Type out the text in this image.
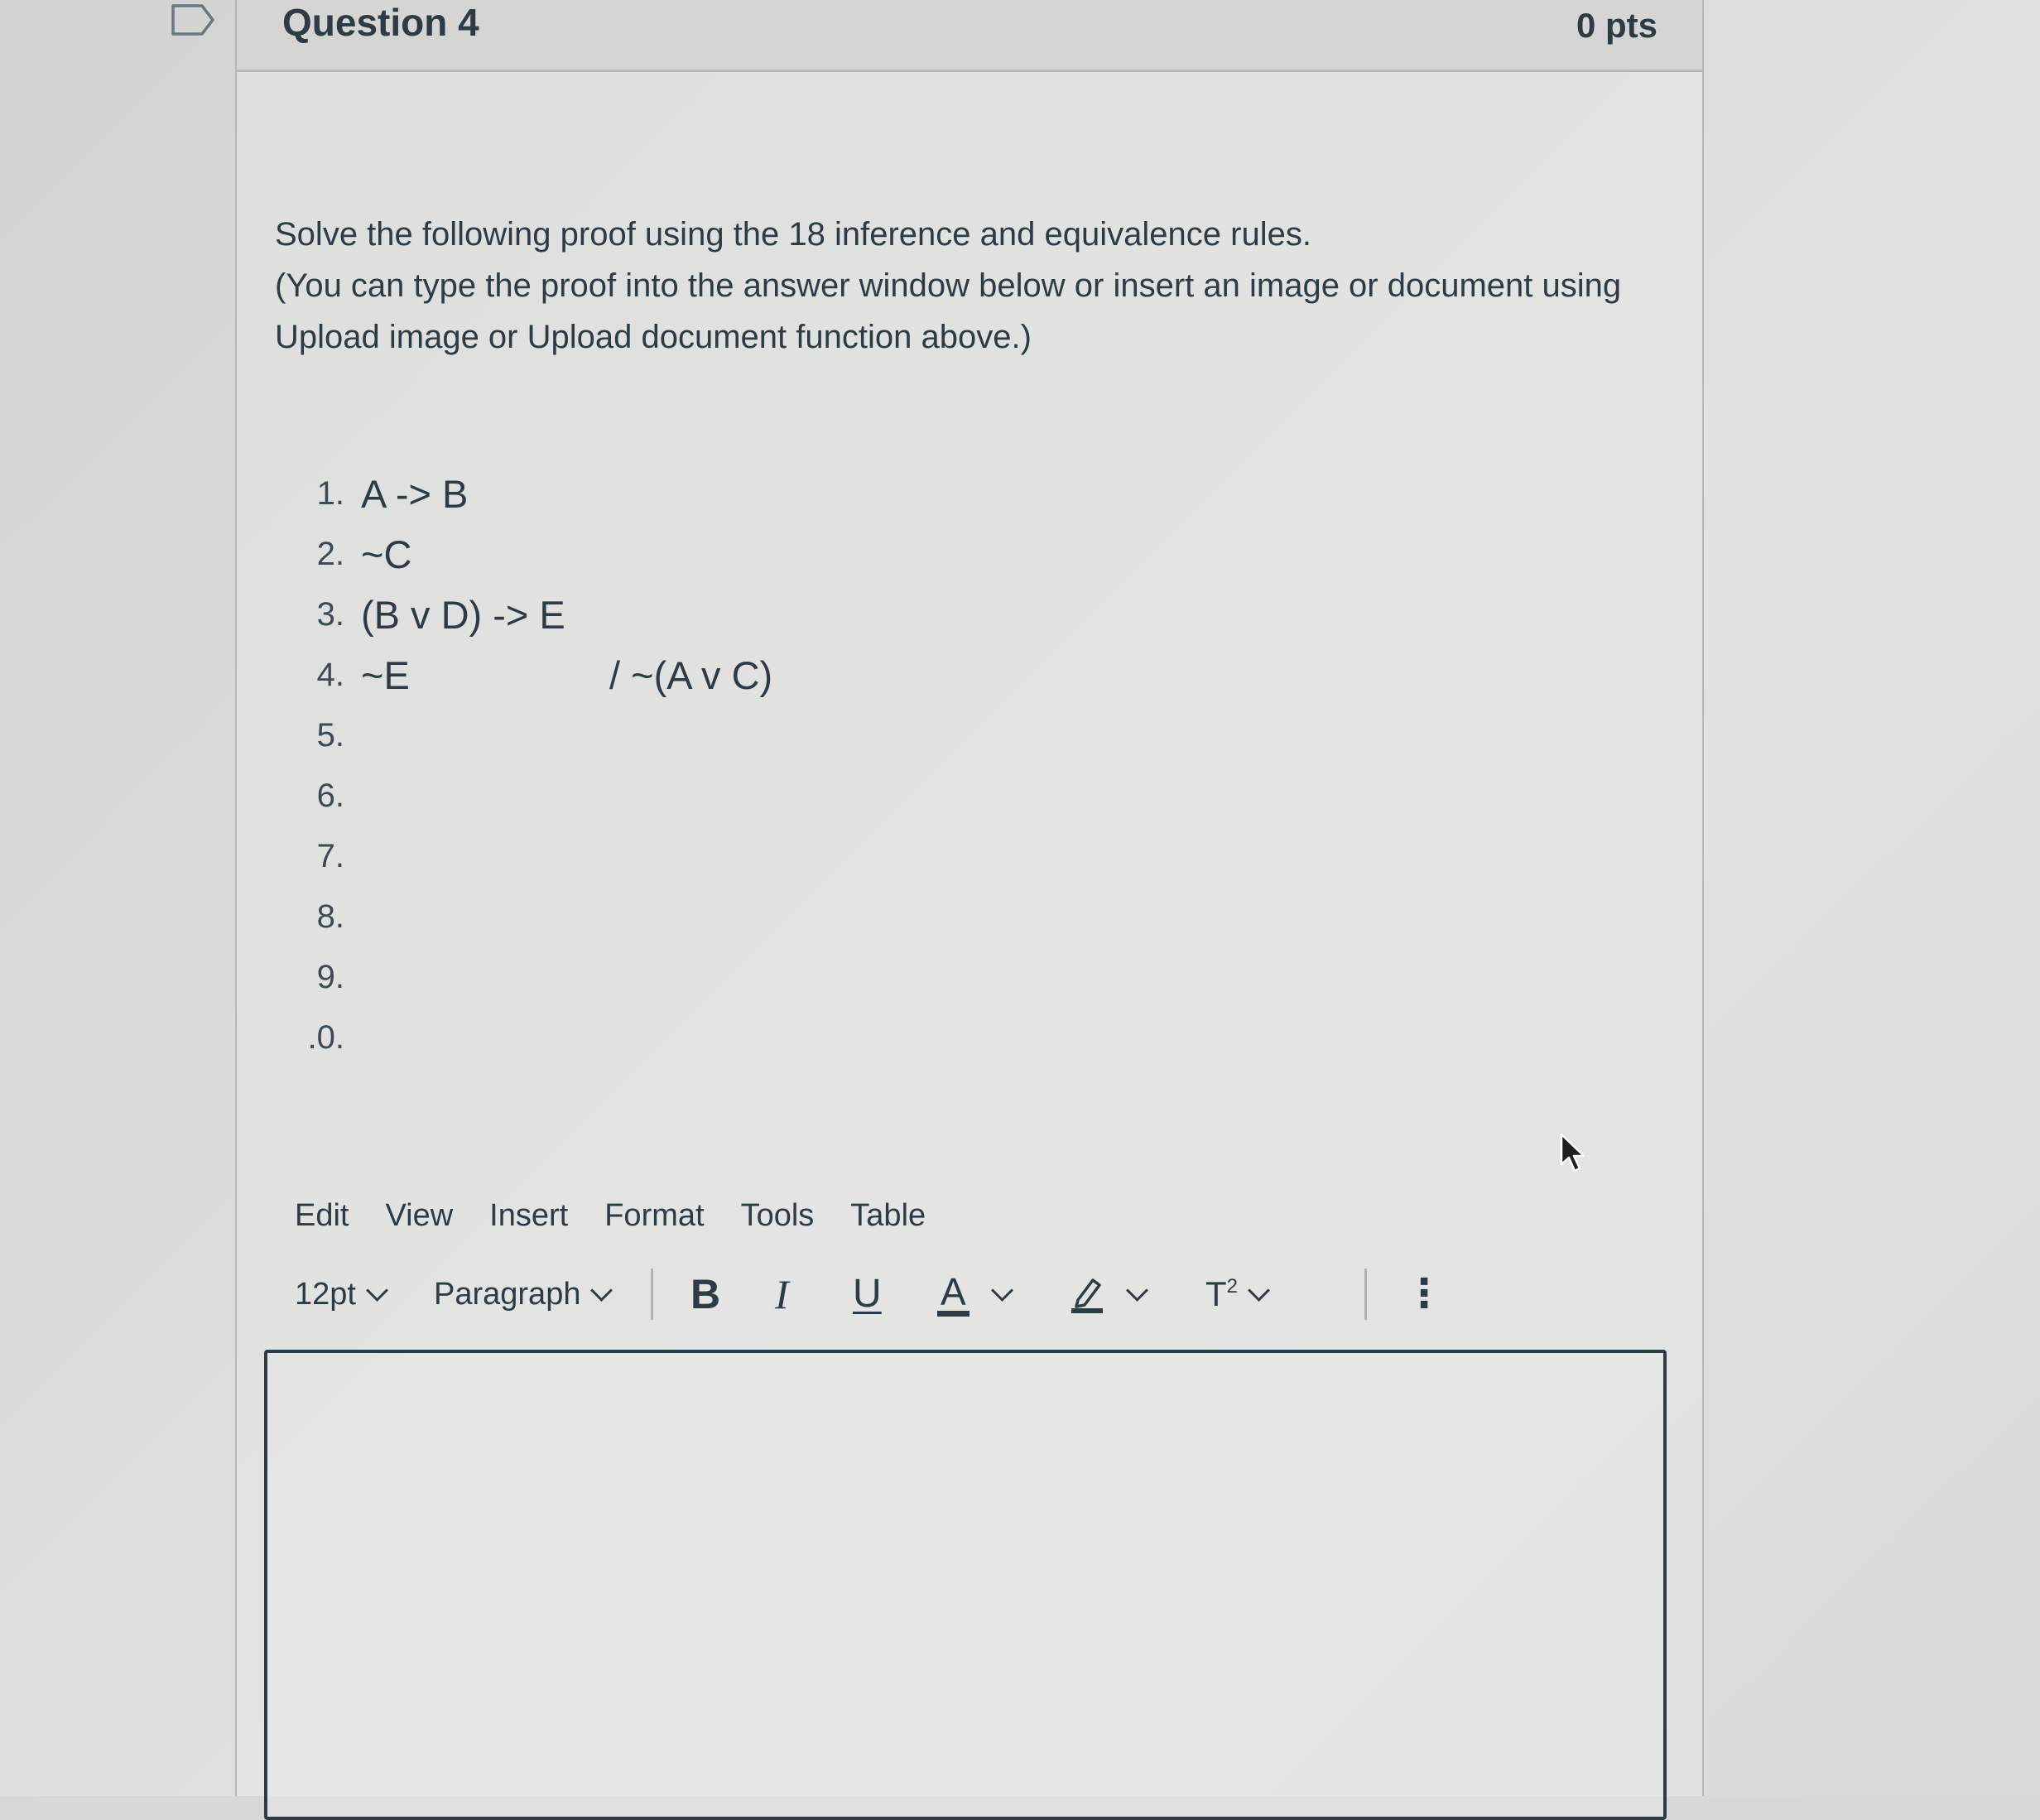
Question 4	0 pts

Solve the following proof using the 18 inference and equivalence rules.

(You can type the proof into the answer window below or insert an image or document using Upload image or Upload document function above.)

1. A -> B
2. ~C
3. (B v D) -> E
4. ~E	/ ~(A v C)
5.
6.
7.
8.
9.
.0.
Edit View Insert Format Tools Table
12pt Paragraph	B I U A	$T^2$	⋮
